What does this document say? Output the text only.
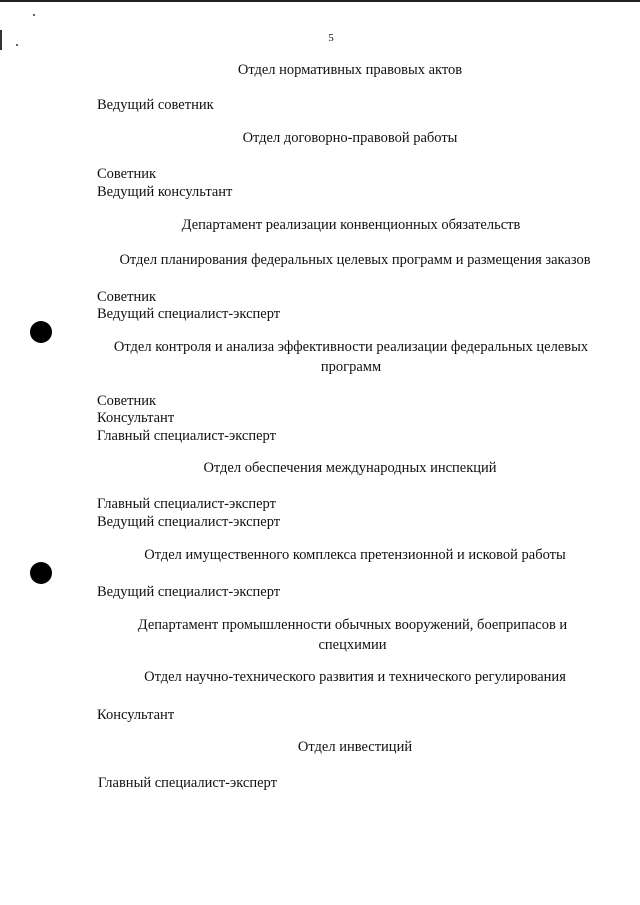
5
Отдел нормативных правовых актов
Ведущий советник
Отдел договорно-правовой работы
Советник
Ведущий консультант
Департамент реализации конвенционных обязательств
Отдел планирования федеральных целевых программ и размещения заказов
Советник
Ведущий специалист-эксперт
Отдел контроля и анализа эффективности реализации федеральных целевых программ
Советник
Консультант
Главный специалист-эксперт
Отдел обеспечения международных инспекций
Главный специалист-эксперт
Ведущий специалист-эксперт
Отдел имущественного комплекса претензионной и исковой работы
Ведущий специалист-эксперт
Департамент промышленности обычных вооружений, боеприпасов и спецхимии
Отдел научно-технического развития и технического регулирования
Консультант
Отдел инвестиций
Главный специалист-эксперт
